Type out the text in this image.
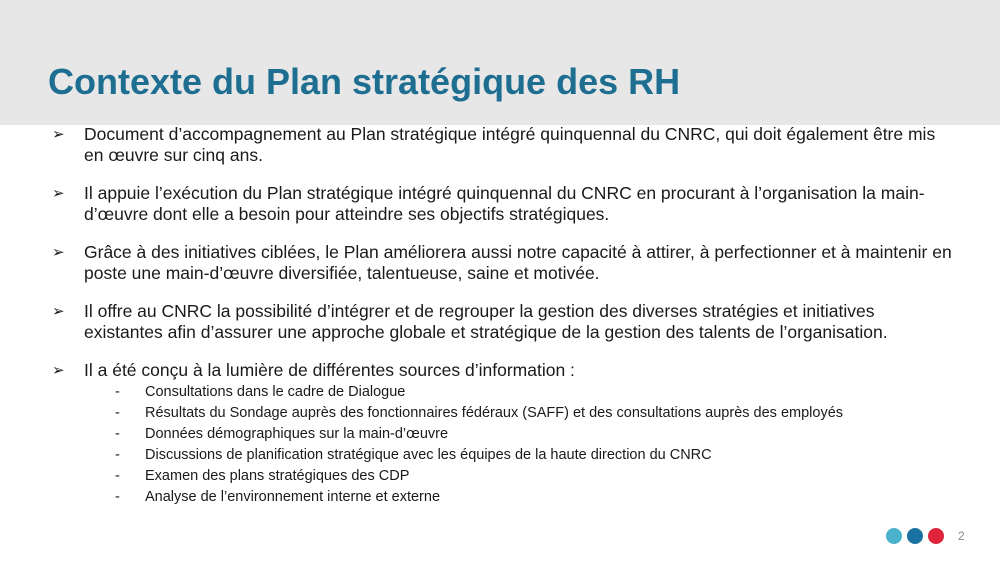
Contexte du Plan stratégique des RH
➢ Document d’accompagnement au Plan stratégique intégré quinquennal du CNRC, qui doit également être mis en œuvre sur cinq ans.
➢ Il appuie l’exécution du Plan stratégique intégré quinquennal du CNRC en procurant à l’organisation la main-d’œuvre dont elle a besoin pour atteindre ses objectifs stratégiques.
➢ Grâce à des initiatives ciblées, le Plan améliorera aussi notre capacité à attirer, à perfectionner et à maintenir en poste une main-d’œuvre diversifiée, talentueuse, saine et motivée.
➢ Il offre au CNRC la possibilité d’intégrer et de regrouper la gestion des diverses stratégies et initiatives existantes afin d’assurer une approche globale et stratégique de la gestion des talents de l’organisation.
➢ Il a été conçu à la lumière de différentes sources d’information :
- Consultations dans le cadre de Dialogue
- Résultats du Sondage auprès des fonctionnaires fédéraux (SAFF) et des consultations auprès des employés
- Données démographiques sur la main-d’œuvre
- Discussions de planification stratégique avec les équipes de la haute direction du CNRC
- Examen des plans stratégiques des CDP
- Analyse de l’environnement interne et externe
2
